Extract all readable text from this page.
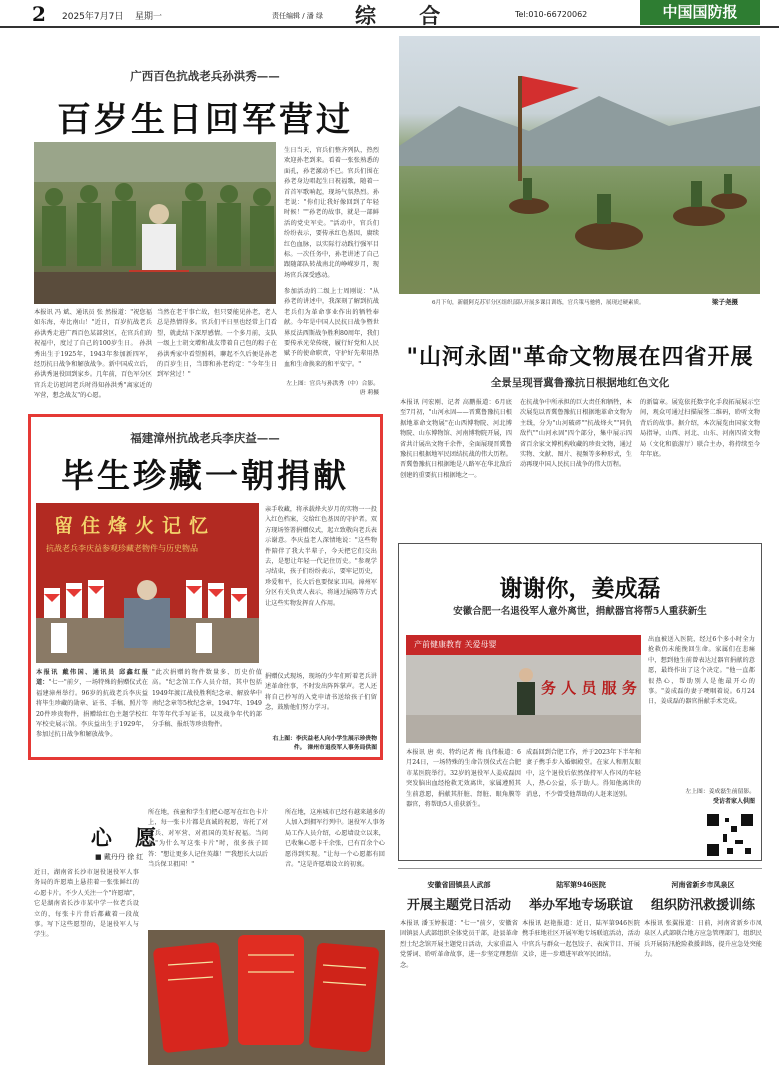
2 2025年7月7日 星期一	责任编辑 / 潘 绿 综 合	Tel:010-66720062	中国国防报
广西百色抗战老兵孙洪秀——
百岁生日回军营过
本报讯 冯 斌、通讯员 张 然报道："祝您福如东海，寿比南山！"近日，百岁抗战老兵孙洪秀走进广西百色某部营区，在官兵们的祝福中，度过了自己的100岁生日。 孙洪秀出生于1925年，1943年参加新四军，经历抗日战争和解放战争。新中国成立后，孙洪秀退役回到家乡。几年前，百色军分区官兵走访慰问老兵时得知孙洪秀"离家近的军营，想念战友"的心愿。
当然在老干事亡故，但只要能见孙老，老人总是热情得多。官兵们平日里也经常上门看望，就此结下深厚感情。一个多月前，支队一级上士胡文增和战友带着自己包的粽子在孙洪秀家中看望照料，聊起不久后便是孙老的百岁生日，当即和孙老约定："今年生日到军营过！"
生日当天，官兵们整齐列队，热烈欢迎孙老到来。看着一张张熟悉的面孔，孙老激动不已。官兵们围在孙老身边唱起生日祝福歌，随着一首首军歌响起，现场气氛热烈。孙老说："你们让我好像回到了年轻时候！""孙老的故事，就是一部鲜活的党史军史。"活动中，官兵们纷纷表示，要传承红色基因，赓续红色血脉，以实际行动践行强军目标。一次任务中，孙老讲述了自己跟随部队转战南北的峥嵘岁月，现场官兵深受感动。
参加活动的二级上士周刚说："从孙老的讲述中，我深刻了解到抗战老兵们为革命事业作出的牺牲奉献。今年是中国人民抗日战争暨世界反法西斯战争胜利80周年，我们要传承光荣传统，履行好党和人民赋予的使命职责，守护好先辈用热血和生命换来的和平安宁。"
左上图：官兵与孙洪秀（中）合影。 唐 莉摄
福建漳州抗战老兵李庆益——
毕生珍藏一朝捐献
留住烽火记忆
抗战老兵李庆益参观珍藏老物件与历史物品
亲手收藏，将承载烽火岁月的实物一一投入红色档案，交给红色基因的守护者。双方现场签署捐赠仪式，起立致敬向老兵表示谢意。李庆益老人深情地说："这些物件陪伴了我大半辈子，今天把它们交出去，是想让年轻一代记住历史。"参观学习结束，孩子们纷纷表示，要牢记历史，珍爱和平，长大后也要保家卫国。漳州军分区有关负责人表示，将通过展陈等方式让这些实物发挥育人作用。
本报讯 戴伟国、通讯员 邱鑫红报道："七一"前夕，一场特殊的捐赠仪式在福建漳州举行。96岁的抗战老兵李庆益将毕生珍藏的勋章、证书、手稿、照片等20件珍贵物件，捐赠给红色主题学校红军校史展示馆。李庆益出生于1929年，参加过抗日战争和解放战争。
"此次捐赠的物件数量多、历史价值高。"纪念馆工作人员介绍，其中包括1949年渡江战役胜利纪念章、解放华中南纪念章等5枚纪念章，1947年、1949年等年代手写证书，以及战争年代的部分手稿、报纸等珍贵物件。
捐赠仪式现场，现场的少年们听着老兵讲述革命往事，不时发出阵阵掌声。老人还将自己抄写的入党申请书送给孩子们留念，鼓励他们努力学习。
右上图：李庆益老人向小学生展示珍贵物件。 漳州市退役军人事务局供图
心 愿
■ 戴丹丹 徐 红
近日，湖南省长沙市退役退役军人事务局的许愿墙上悬挂着一张张鲜红的心愿卡片。不少人关注一个"许愿墙"，它是湖南省长沙市某中学一位老兵设立的，每张卡片背后都藏着一段故事。写下这些愿望的，是退役军人与学生。
所在地，孩童和学生们把心愿写在红色卡片上，每一张卡片都是真诚的祝愿，寄托了对老兵、对军营、对祖国的美好祝福。当问起"为什么写这张卡片"时，很多孩子回答："想让更多人记住英雄！""我想长大以后当兵保卫祖国！"
所在地，这座城市已经有越来越多的人加入到拥军行列中。退役军人事务局工作人员介绍，心愿墙设立以来，已收集心愿卡千余张，已有百余个心愿得到实现。"让每一个心愿都有回音。"这是许愿墙设立的初衷。
6月下旬，新疆阿克苏军分区组织部队开展多课目训练，官兵策马驰骋，展现过硬素质。	梁子尧摄
"山河永固"革命文物展在四省开展
全景呈现晋冀鲁豫抗日根据地红色文化
本报讯 闫宏刚、记者 高鹏报道：6月底至7月初，"山河永固——晋冀鲁豫抗日根据地革命文物展"在山西博物院、河北博物院、山东博物馆、河南博物院开展，四省共计展出文物千余件，全面展现晋冀鲁豫抗日根据地军民团结抗战的伟大历程。晋冀鲁豫抗日根据地是八路军在华北敌后创建的重要抗日根据地之一。
在抗战争中所承担的巨大责任和牺牲，本次展览以晋冀鲁豫抗日根据地革命文物为主线，分为"山河破碎""抗战烽火""同仇敌忾""山河永固"四个部分，集中展示四省百余家文博机构收藏的珍贵文物，通过实物、文献、图片、视频等多种形式，生动再现中国人民抗日战争的伟大历程。
的新篇章。展览依托数字化手段拓展展示空间，观众可通过扫描展签二维码，聆听文物背后的故事。据介绍，本次展览由国家文物局指导，山西、河北、山东、河南四省文物局（文化和旅游厅）联合主办，将持续至今年年底。
谢谢你，姜成磊
安徽合肥一名退役军人意外离世，捐献器官将帮5人重获新生
产前健康教育 关爱母婴
务 人 员 服 务
出血被送入医院，经过6个多小时全力抢救仍未能挽回生命。家属们在悲痛中，想到他生前曾表达过器官捐献的意愿，最终作出了这个决定。"他一直都很热心，帮助别人是他最开心的事。"姜成磊的妻子哽咽着说。6月24日，姜成磊的器官捐献手术完成。
左上图：姜成磊生前留影。
受访者家人供图
本报讯 唐 奕、特约记者 梅 良伟报道：6月24日，一场特殊的生命告别仪式在合肥市某医院举行。32岁的退役军人姜成磊因突发脑出血经抢救无效离世，家属遵照其生前意愿，捐献其肝脏、肾脏、眼角膜等器官，将帮助5人重获新生。
成磊回到合肥工作，并于2023年下半年和妻子携手步入婚姻殿堂。在家人和朋友眼中，这个退役后依然保持军人作风的年轻人，热心公益，乐于助人。得知他离世的消息，不少曾受他帮助的人赶来送别。
安徽省固镇县人武部
开展主题党日活动
本报讯 潘玉婷报道："七一"前夕，安徽省固镇县人武部组织全体党员干部，赴县革命烈士纪念馆开展主题党日活动，大家重温入党誓词、聆听革命故事，进一步坚定理想信念。
陆军第946医院
举办军地专场联谊
本报讯 赵艳报道：近日，陆军第946医院携手驻地社区开展军地专场联谊活动，活动中官兵与群众一起包饺子、表演节目、开展义诊，进一步增进军政军民团结。
河南省新乡市凤泉区
组织防汛救援训练
本报讯 张翼报道：日前，河南省新乡市凤泉区人武部联合地方应急管理部门，组织民兵开展防汛抢险救援训练，提升应急处突能力。
